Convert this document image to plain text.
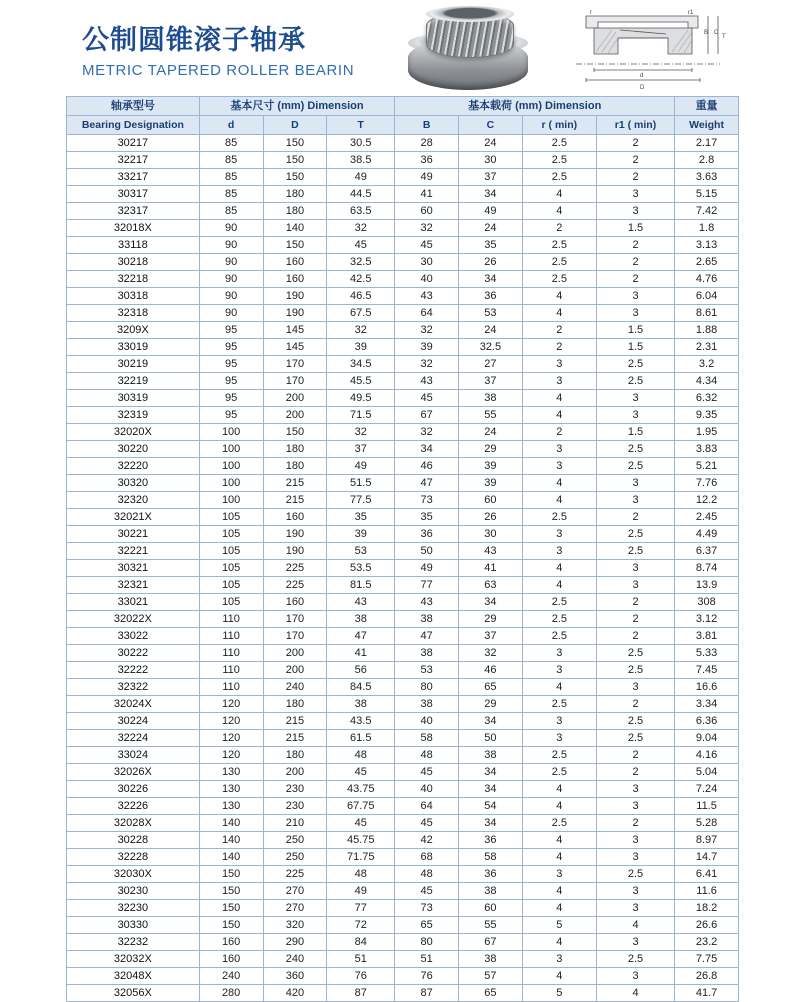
公制圆锥滚子轴承
METRIC TAPERED ROLLER BEARIN
r	r1
B C
T
d
D
轴承型号	基本尺寸 (mm) Dimension			基本载荷 (mm) Dimension				重量
Bearing Designation	d	D	T	B	C	r ( min)	r1 ( min)	Weight
30217	85	150	30.5	28	24	2.5	2	2.17
32217	85	150	38.5	36	30	2.5	2	2.8
33217	85	150	49	49	37	2.5	2	3.63
30317	85	180	44.5	41	34	4	3	5.15
32317	85	180	63.5	60	49	4	3	7.42
32018X	90	140	32	32	24	2	1.5	1.8
33118	90	150	45	45	35	2.5	2	3.13
30218	90	160	32.5	30	26	2.5	2	2.65
32218	90	160	42.5	40	34	2.5	2	4.76
30318	90	190	46.5	43	36	4	3	6.04
32318	90	190	67.5	64	53	4	3	8.61
3209X	95	145	32	32	24	2	1.5	1.88
33019	95	145	39	39	32.5	2	1.5	2.31
30219	95	170	34.5	32	27	3	2.5	3.2
32219	95	170	45.5	43	37	3	2.5	4.34
30319	95	200	49.5	45	38	4	3	6.32
32319	95	200	71.5	67	55	4	3	9.35
32020X	100	150	32	32	24	2	1.5	1.95
30220	100	180	37	34	29	3	2.5	3.83
32220	100	180	49	46	39	3	2.5	5.21
30320	100	215	51.5	47	39	4	3	7.76
32320	100	215	77.5	73	60	4	3	12.2
32021X	105	160	35	35	26	2.5	2	2.45
30221	105	190	39	36	30	3	2.5	4.49
32221	105	190	53	50	43	3	2.5	6.37
30321	105	225	53.5	49	41	4	3	8.74
32321	105	225	81.5	77	63	4	3	13.9
33021	105	160	43	43	34	2.5	2	308
32022X	110	170	38	38	29	2.5	2	3.12
33022	110	170	47	47	37	2.5	2	3.81
30222	110	200	41	38	32	3	2.5	5.33
32222	110	200	56	53	46	3	2.5	7.45
32322	110	240	84.5	80	65	4	3	16.6
32024X	120	180	38	38	29	2.5	2	3.34
30224	120	215	43.5	40	34	3	2.5	6.36
32224	120	215	61.5	58	50	3	2.5	9.04
33024	120	180	48	48	38	2.5	2	4.16
32026X	130	200	45	45	34	2.5	2	5.04
30226	130	230	43.75	40	34	4	3	7.24
32226	130	230	67.75	64	54	4	3	11.5
32028X	140	210	45	45	34	2.5	2	5.28
30228	140	250	45.75	42	36	4	3	8.97
32228	140	250	71.75	68	58	4	3	14.7
32030X	150	225	48	48	36	3	2.5	6.41
30230	150	270	49	45	38	4	3	11.6
32230	150	270	77	73	60	4	3	18.2
30330	150	320	72	65	55	5	4	26.6
32232	160	290	84	80	67	4	3	23.2
32032X	160	240	51	51	38	3	2.5	7.75
32048X	240	360	76	76	57	4	3	26.8
32056X	280	420	87	87	65	5	4	41.7
